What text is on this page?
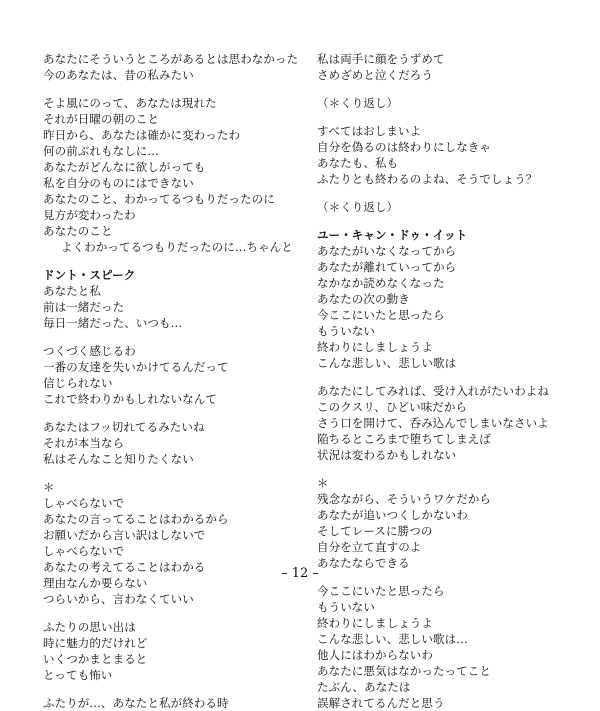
あなたにそういうところがあるとは思わなかった
今のあなたは、昔の私みたい
そよ風にのって、あなたは現れた
それが日曜の朝のこと
昨日から、あなたは確かに変わったわ
何の前ぶれもなしに…
あなたがどんなに欲しがっても
私を自分のものにはできない
あなたのこと、わかってるつもりだったのに
見方が変わったわ
あなたのこと
よくわかってるつもりだったのに…ちゃんと
ドント・スピーク
あなたと私
前は一緒だった
毎日一緒だった、いつも…
つくづく感じるわ
一番の友達を失いかけてるんだって
信じられない
これで終わりかもしれないなんて
あなたはフッ切れてるみたいね
それが本当なら
私はそんなこと知りたくない
＊
しゃべらないで
あなたの言ってることはわかるから
お願いだから言い訳はしないで
しゃべらないで
あなたの考えてることはわかる
理由なんか要らない
つらいから、言わなくていい
ふたりの思い出は
時に魅力的だけれど
いくつかまとまると
とっても怖い
ふたりが…、あなたと私が終わる時
私は両手に顔をうずめて
さめざめと泣くだろう
（＊くり返し）
すべてはおしまいよ
自分を偽るのは終わりにしなきゃ
あなたも、私も
ふたりとも終わるのよね、そうでしょう？
（＊くり返し）
ユー・キャン・ドゥ・イット
あなたがいなくなってから
あなたが離れていってから
なかなか読めなくなった
あなたの次の動き
今ここにいたと思ったら
もういない
終わりにしましょうよ
こんな悲しい、悲しい歌は
あなたにしてみれば、受け入れがたいわよね
このクスリ、ひどい味だから
さう口を開けて、呑み込んでしまいなさいよ
陥ちるところまで堕ちてしまえば
状況は変わるかもしれない
＊
残念ながら、そういうワケだから
あなたが追いつくしかないわ
そしてレースに勝つの
自分を立て直すのよ
あなたならできる
今ここにいたと思ったら
もういない
終わりにしましょうよ
こんな悲しい、悲しい歌は…
他人にはわからないわ
あなたに悪気はなかったってこと
たぶん、あなたは
誤解されてるんだと思う
– 12 –
